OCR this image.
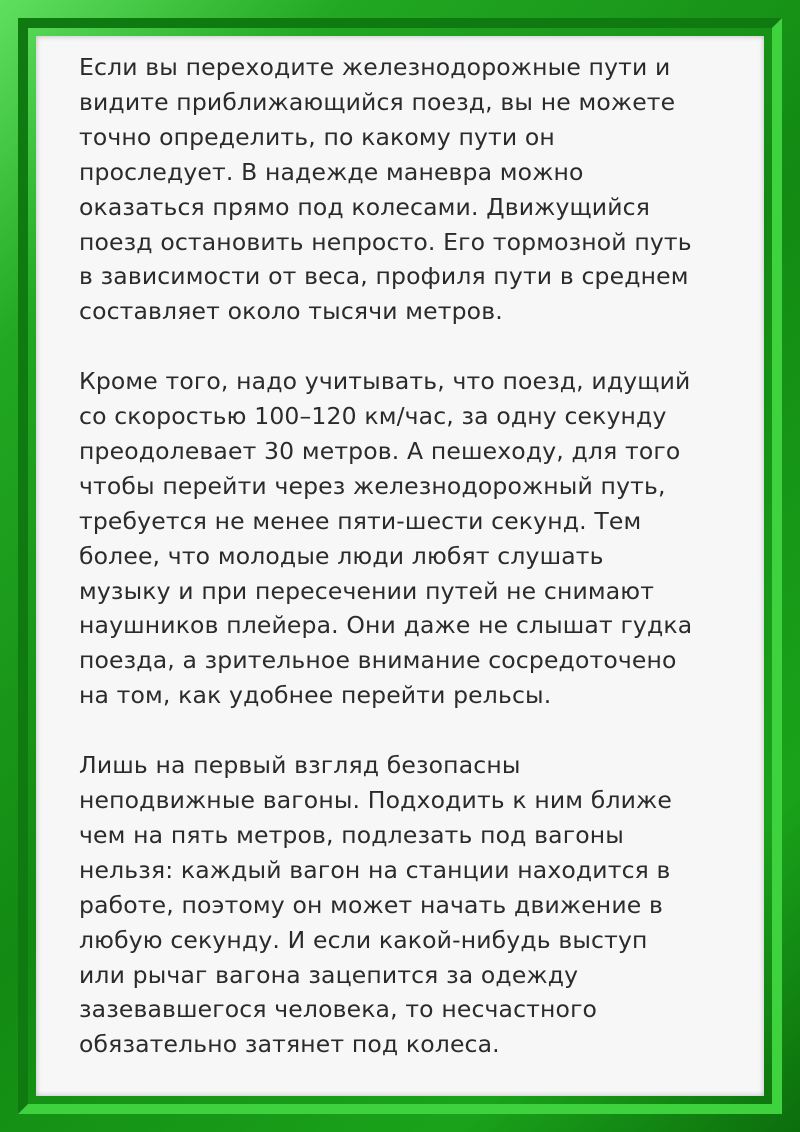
Если вы переходите железнодорожные пути и
видите приближающийся поезд, вы не можете
точно определить, по какому пути он
проследует. В надежде маневра можно
оказаться прямо под колесами. Движущийся
поезд остановить непросто. Его тормозной путь
в зависимости от веса, профиля пути в среднем
составляет около тысячи метров.

Кроме того, надо учитывать, что поезд, идущий
со скоростью 100–120 км/час, за одну секунду
преодолевает 30 метров. А пешеходу, для того
чтобы перейти через железнодорожный путь,
требуется не менее пяти-шести секунд. Тем
более, что молодые люди любят слушать
музыку и при пересечении путей не снимают
наушников плейера. Они даже не слышат гудка
поезда, а зрительное внимание сосредоточено
на том, как удобнее перейти рельсы.

Лишь на первый взгляд безопасны
неподвижные вагоны. Подходить к ним ближе
чем на пять метров, подлезать под вагоны
нельзя: каждый вагон на станции находится в
работе, поэтому он может начать движение в
любую секунду. И если какой-нибудь выступ
или рычаг вагона зацепится за одежду
зазевавшегося человека, то несчастного
обязательно затянет под колеса.
